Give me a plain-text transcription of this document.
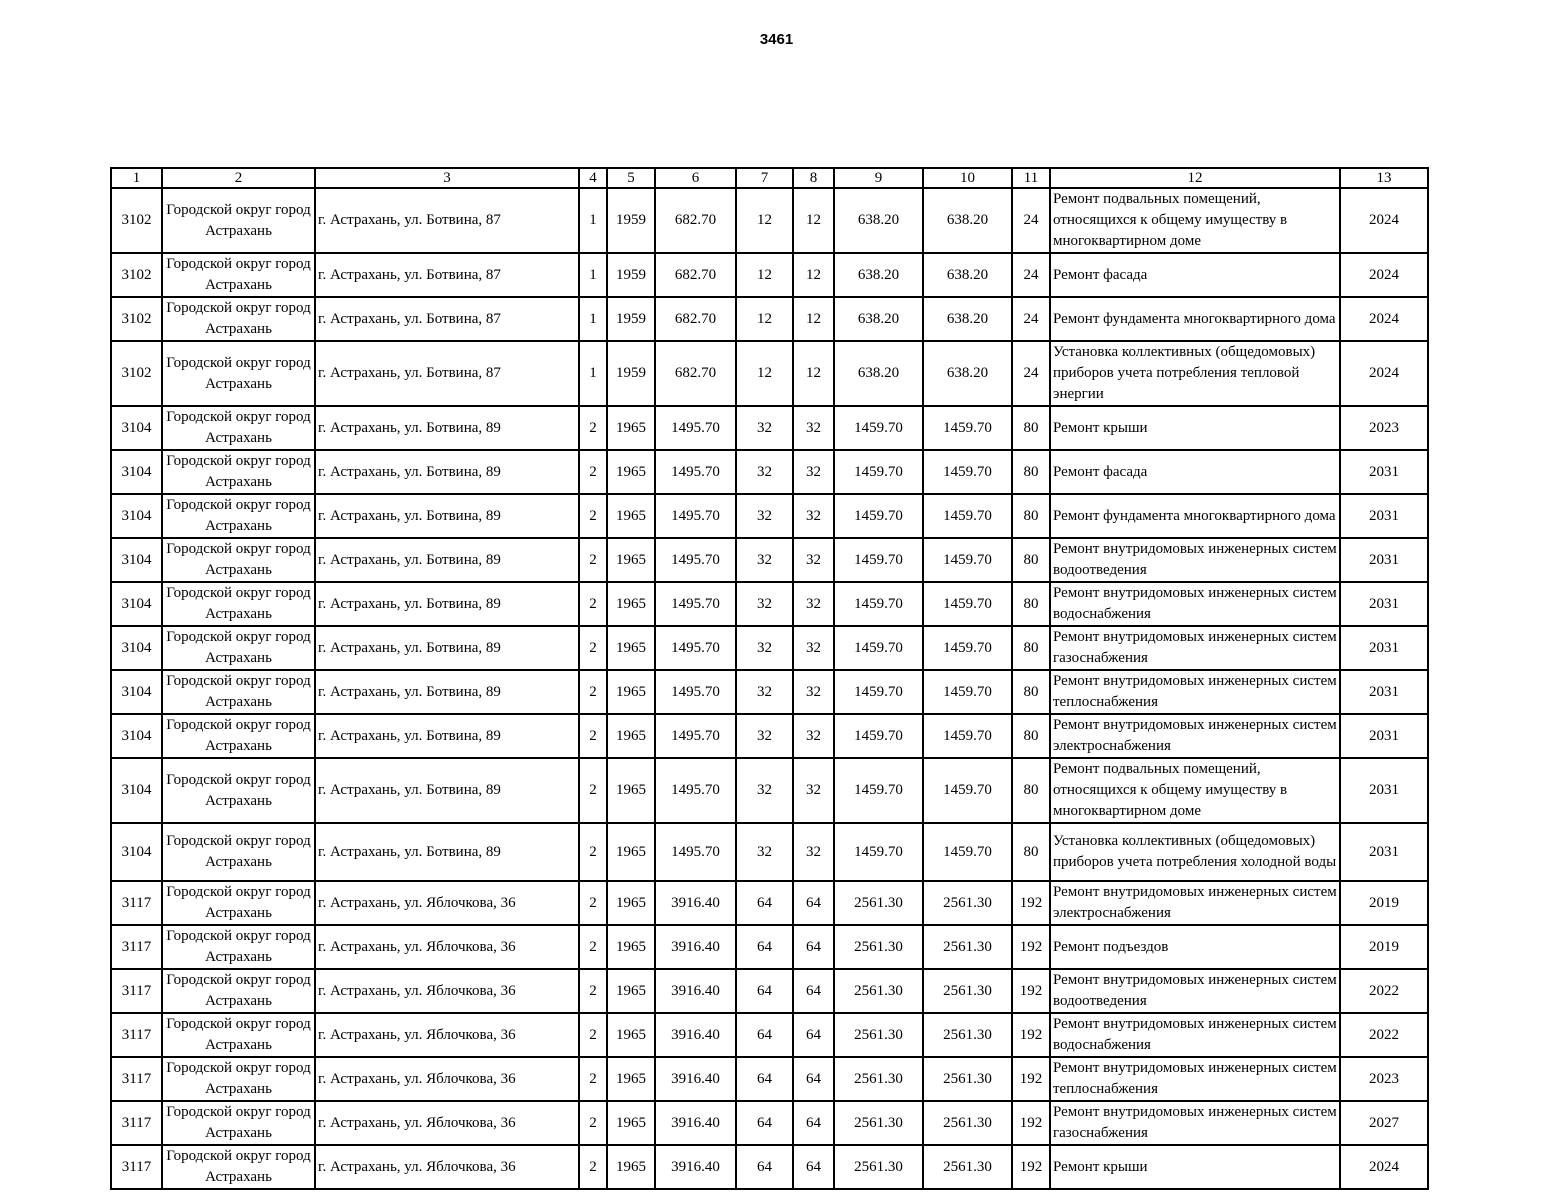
3461
1	2	3	4	5	6	7	8	9	10	11	12	13
3102	Городской округ город Астрахань	г. Астрахань, ул. Ботвина, 87	1	1959	682.70	12	12	638.20	638.20	24	Ремонт подвальных помещений, относящихся к общему имуществу в многоквартирном доме	2024
3102	Городской округ город Астрахань	г. Астрахань, ул. Ботвина, 87	1	1959	682.70	12	12	638.20	638.20	24	Ремонт фасада	2024
3102	Городской округ город Астрахань	г. Астрахань, ул. Ботвина, 87	1	1959	682.70	12	12	638.20	638.20	24	Ремонт фундамента многоквартирного дома	2024
3102	Городской округ город Астрахань	г. Астрахань, ул. Ботвина, 87	1	1959	682.70	12	12	638.20	638.20	24	Установка коллективных (общедомовых) приборов учета потребления тепловой энергии	2024
3104	Городской округ город Астрахань	г. Астрахань, ул. Ботвина, 89	2	1965	1495.70	32	32	1459.70	1459.70	80	Ремонт крыши	2023
3104	Городской округ город Астрахань	г. Астрахань, ул. Ботвина, 89	2	1965	1495.70	32	32	1459.70	1459.70	80	Ремонт фасада	2031
3104	Городской округ город Астрахань	г. Астрахань, ул. Ботвина, 89	2	1965	1495.70	32	32	1459.70	1459.70	80	Ремонт фундамента многоквартирного дома	2031
3104	Городской округ город Астрахань	г. Астрахань, ул. Ботвина, 89	2	1965	1495.70	32	32	1459.70	1459.70	80	Ремонт внутридомовых инженерных систем водоотведения	2031
3104	Городской округ город Астрахань	г. Астрахань, ул. Ботвина, 89	2	1965	1495.70	32	32	1459.70	1459.70	80	Ремонт внутридомовых инженерных систем водоснабжения	2031
3104	Городской округ город Астрахань	г. Астрахань, ул. Ботвина, 89	2	1965	1495.70	32	32	1459.70	1459.70	80	Ремонт внутридомовых инженерных систем газоснабжения	2031
3104	Городской округ город Астрахань	г. Астрахань, ул. Ботвина, 89	2	1965	1495.70	32	32	1459.70	1459.70	80	Ремонт внутридомовых инженерных систем теплоснабжения	2031
3104	Городской округ город Астрахань	г. Астрахань, ул. Ботвина, 89	2	1965	1495.70	32	32	1459.70	1459.70	80	Ремонт внутридомовых инженерных систем электроснабжения	2031
3104	Городской округ город Астрахань	г. Астрахань, ул. Ботвина, 89	2	1965	1495.70	32	32	1459.70	1459.70	80	Ремонт подвальных помещений, относящихся к общему имуществу в многоквартирном доме	2031
3104	Городской округ город Астрахань	г. Астрахань, ул. Ботвина, 89	2	1965	1495.70	32	32	1459.70	1459.70	80	Установка коллективных (общедомовых) приборов учета потребления холодной воды	2031
3117	Городской округ город Астрахань	г. Астрахань, ул. Яблочкова, 36	2	1965	3916.40	64	64	2561.30	2561.30	192	Ремонт внутридомовых инженерных систем электроснабжения	2019
3117	Городской округ город Астрахань	г. Астрахань, ул. Яблочкова, 36	2	1965	3916.40	64	64	2561.30	2561.30	192	Ремонт подъездов	2019
3117	Городской округ город Астрахань	г. Астрахань, ул. Яблочкова, 36	2	1965	3916.40	64	64	2561.30	2561.30	192	Ремонт внутридомовых инженерных систем водоотведения	2022
3117	Городской округ город Астрахань	г. Астрахань, ул. Яблочкова, 36	2	1965	3916.40	64	64	2561.30	2561.30	192	Ремонт внутридомовых инженерных систем водоснабжения	2022
3117	Городской округ город Астрахань	г. Астрахань, ул. Яблочкова, 36	2	1965	3916.40	64	64	2561.30	2561.30	192	Ремонт внутридомовых инженерных систем теплоснабжения	2023
3117	Городской округ город Астрахань	г. Астрахань, ул. Яблочкова, 36	2	1965	3916.40	64	64	2561.30	2561.30	192	Ремонт внутридомовых инженерных систем газоснабжения	2027
3117	Городской округ город Астрахань	г. Астрахань, ул. Яблочкова, 36	2	1965	3916.40	64	64	2561.30	2561.30	192	Ремонт крыши	2024
